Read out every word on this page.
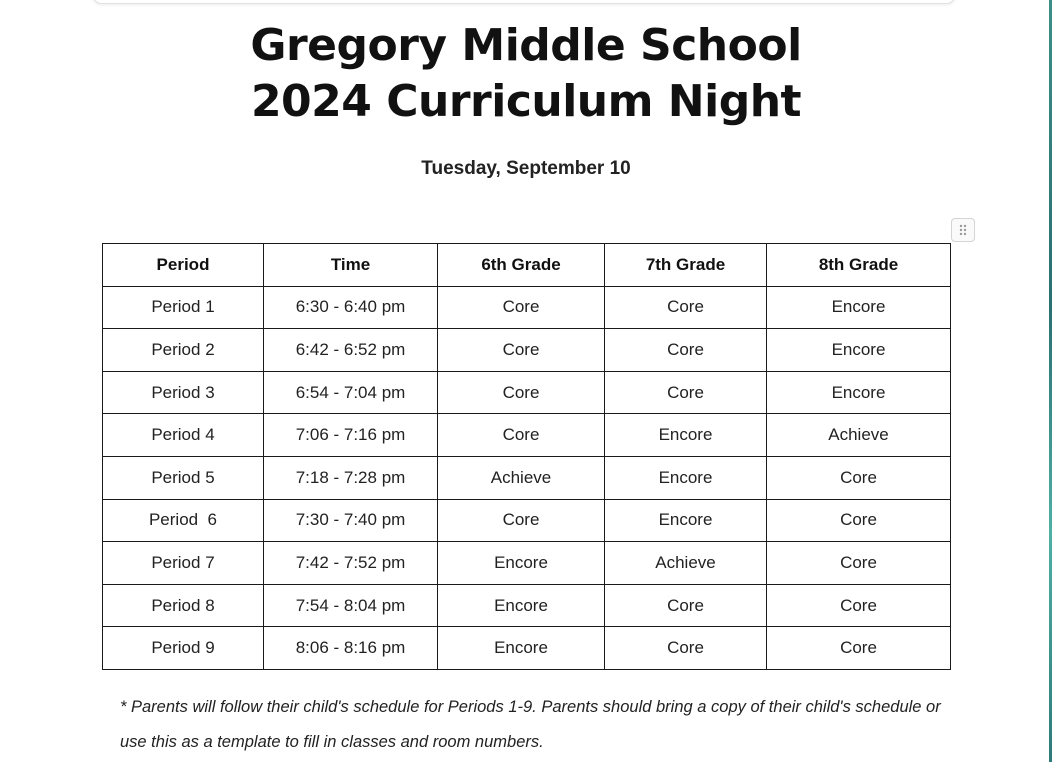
Gregory Middle School
2024 Curriculum Night
Tuesday, September 10
Period	Time	6th Grade	7th Grade	8th Grade
Period 1	6:30 - 6:40 pm	Core	Core	Encore
Period 2	6:42 - 6:52 pm	Core	Core	Encore
Period 3	6:54 - 7:04 pm	Core	Core	Encore
Period 4	7:06 - 7:16 pm	Core	Encore	Achieve
Period 5	7:18 - 7:28 pm	Achieve	Encore	Core
Period  6	7:30 - 7:40 pm	Core	Encore	Core
Period 7	7:42 - 7:52 pm	Encore	Achieve	Core
Period 8	7:54 - 8:04 pm	Encore	Core	Core
Period 9	8:06 - 8:16 pm	Encore	Core	Core
* Parents will follow their child's schedule for Periods 1-9. Parents should bring a copy of their child's schedule or use this as a template to fill in classes and room numbers.
